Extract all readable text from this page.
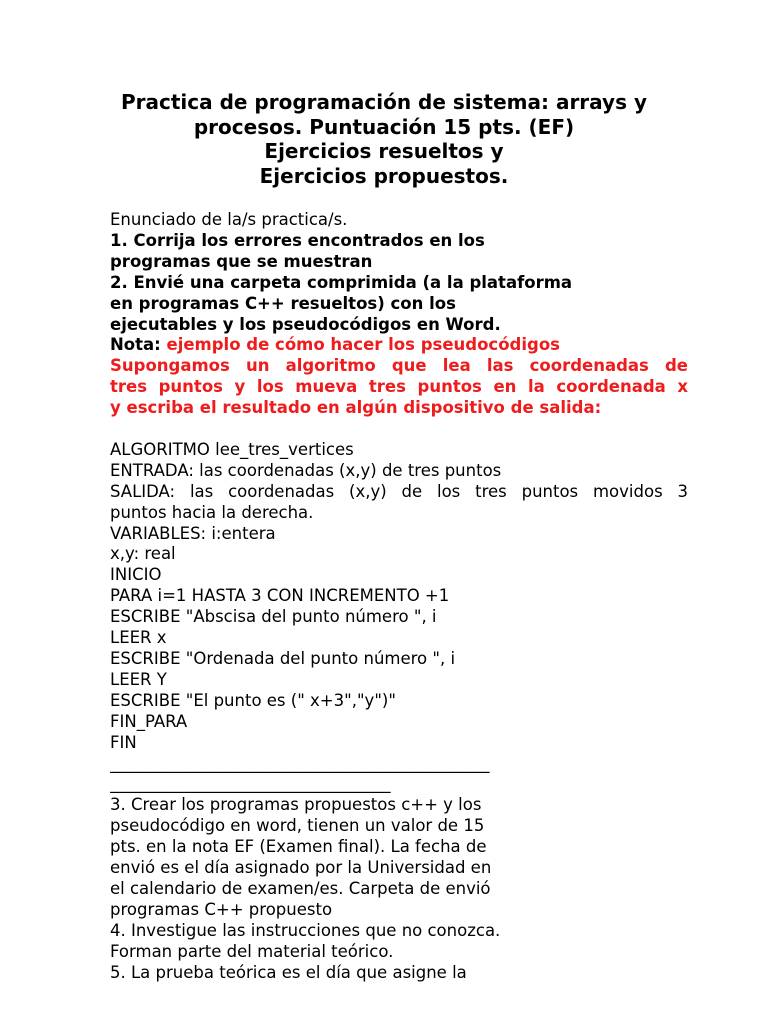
Practica de programación de sistema: arrays y
procesos. Puntuación 15 pts. (EF)
Ejercicios resueltos y
Ejercicios propuestos.
Enunciado de la/s practica/s.
1. Corrija los errores encontrados en los
programas que se muestran
2. Envié una carpeta comprimida (a la plataforma
en programas C++ resueltos) con los
ejecutables y los pseudocódigos en Word.
Nota: ejemplo de cómo hacer los pseudocódigos
Supongamos un algoritmo que lea las coordenadas de
tres puntos y los mueva tres puntos en la coordenada x
y escriba el resultado en algún dispositivo de salida:
ALGORITMO lee_tres_vertices
ENTRADA: las coordenadas (x,y) de tres puntos
SALIDA: las coordenadas (x,y) de los tres puntos movidos 3
puntos hacia la derecha.
VARIABLES: i:entera
x,y: real
INICIO
PARA i=1 HASTA 3 CON INCREMENTO +1
ESCRIBE "Abscisa del punto número ", i
LEER x
ESCRIBE "Ordenada del punto número ", i
LEER Y
ESCRIBE "El punto es (" x+3","y")"
FIN_PARA
FIN
______________________________________________
__________________________________
3. Crear los programas propuestos c++ y los
pseudocódigo en word, tienen un valor de 15
pts. en la nota EF (Examen final). La fecha de
envió es el día asignado por la Universidad en
el calendario de examen/es. Carpeta de envió
programas C++ propuesto
4. Investigue las instrucciones que no conozca.
Forman parte del material teórico.
5. La prueba teórica es el día que asigne la
